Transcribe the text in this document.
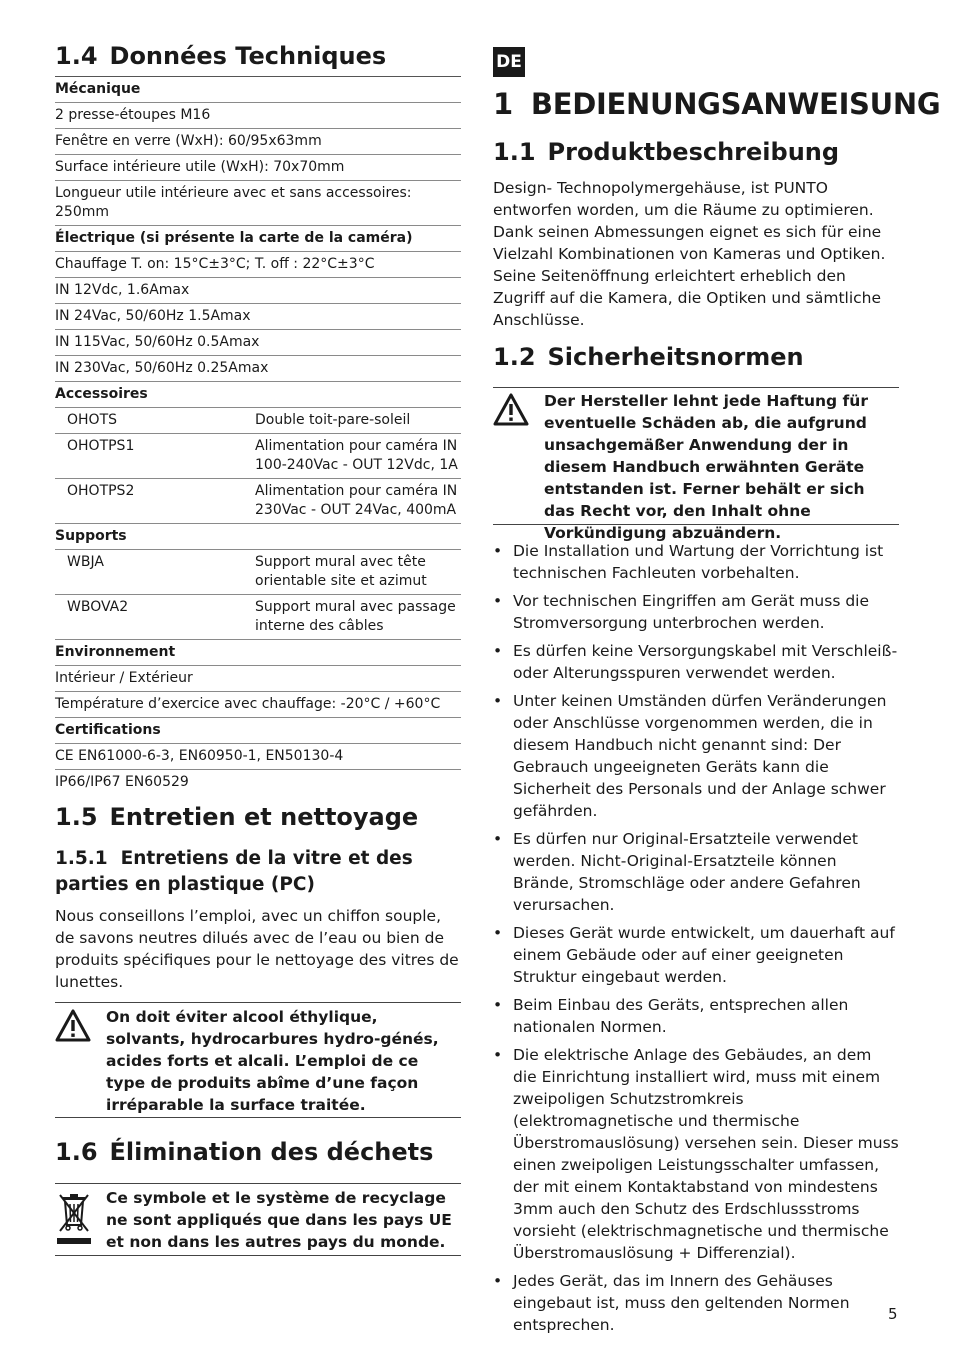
1.4 Données Techniques
Mécanique
2 presse-étoupes M16
Fenêtre en verre (WxH): 60/95x63mm
Surface intérieure utile (WxH): 70x70mm
Longueur utile intérieure avec et sans accessoires: 250mm
Électrique (si présente la carte de la caméra)
Chauffage T. on: 15°C±3°C; T. off : 22°C±3°C
IN 12Vdc, 1.6Amax
IN 24Vac, 50/60Hz 1.5Amax
IN 115Vac, 50/60Hz 0.5Amax
IN 230Vac, 50/60Hz 0.25Amax
Accessoires
OHOTS	Double toit-pare-soleil
OHOTPS1	Alimentation pour caméra IN 100-240Vac - OUT 12Vdc, 1A
OHOTPS2	Alimentation pour caméra IN 230Vac - OUT 24Vac, 400mA
Supports
WBJA	Support mural avec tête orientable site et azimut
WBOVA2	Support mural avec passage interne des câbles
Environnement
Intérieur / Extérieur
Température d’exercice avec chauffage: -20°C / +60°C
Certifications
CE EN61000-6-3, EN60950-1, EN50130-4
IP66/IP67 EN60529
1.5 Entretien et nettoyage
1.5.1 Entretiens de la vitre et des parties en plastique (PC)

Nous conseillons l’emploi, avec un chiffon souple, de savons neutres dilués avec de l’eau ou bien de produits spécifiques pour le nettoyage des vitres de lunettes.

On doit éviter alcool éthylique, solvants, hydrocarbures hydro-génés, acides forts et alcali. L’emploi de ce type de produits abîme d’une façon irréparable la surface traitée.
1.6 Élimination des déchets
Ce symbole et le système de recyclage ne sont appliqués que dans les pays UE et non dans les autres pays du monde.
DE
1 BEDIENUNGSANWEISUNG
1.1 Produktbeschreibung

Design- Technopolymergehäuse, ist PUNTO entworfen worden, um die Räume zu optimieren. Dank seinen Abmessungen eignet es sich für eine Vielzahl Kombinationen von Kameras und Optiken. Seine Seitenöffnung erleichtert erheblich den Zugriff auf die Kamera, die Optiken und sämtliche Anschlüsse.

1.2 Sicherheitsnormen
Der Hersteller lehnt jede Haftung für eventuelle Schäden ab, die aufgrund unsachgemäßer Anwendung der in diesem Handbuch erwähnten Geräte entstanden ist. Ferner behält er sich das Recht vor, den Inhalt ohne Vorkündigung abzuändern.
• Die Installation und Wartung der Vorrichtung ist technischen Fachleuten vorbehalten.
• Vor technischen Eingriffen am Gerät muss die Stromversorgung unterbrochen werden.
• Es dürfen keine Versorgungskabel mit Verschleiß- oder Alterungsspuren verwendet werden.
• Unter keinen Umständen dürfen Veränderungen oder Anschlüsse vorgenommen werden, die in diesem Handbuch nicht genannt sind: Der Gebrauch ungeeigneten Geräts kann die Sicherheit des Personals und der Anlage schwer gefährden.
• Es dürfen nur Original-Ersatzteile verwendet werden. Nicht-Original-Ersatzteile können Brände, Stromschläge oder andere Gefahren verursachen.
• Dieses Gerät wurde entwickelt, um dauerhaft auf einem Gebäude oder auf einer geeigneten Struktur eingebaut werden.
• Beim Einbau des Geräts, entsprechen allen nationalen Normen.
• Die elektrische Anlage des Gebäudes, an dem die Einrichtung installiert wird, muss mit einem zweipoligen Schutzstromkreis (elektromagnetische und thermische Überstromauslösung) versehen sein. Dieser muss einen zweipoligen Leistungsschalter umfassen, der mit einem Kontaktabstand von mindestens 3mm auch den Schutz des Erdschlussstroms vorsieht (elektrischmagnetische und thermische Überstromauslösung + Differenzial).
• Jedes Gerät, das im Innern des Gehäuses eingebaut ist, muss den geltenden Normen entsprechen.
5
